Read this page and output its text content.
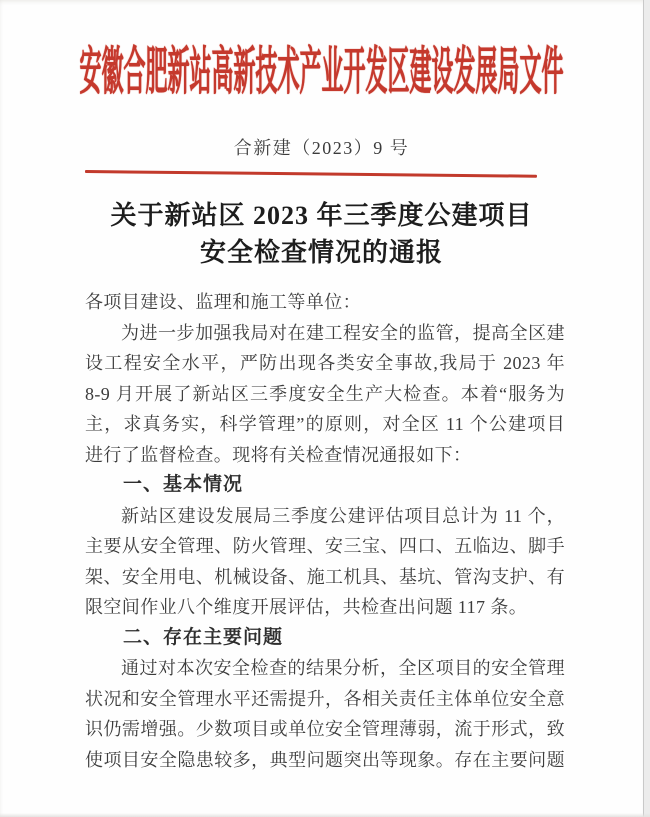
安徽合肥新站高新技术产业开发区建设发展局文件
合新建（2023）9 号
关于新站区 2023 年三季度公建项目
安全检查情况的通报
各项目建设、监理和施工等单位：
为进一步加强我局对在建工程安全的监管，提高全区建
设工程安全水平，严防出现各类安全事故,我局于 2023 年
8-9 月开展了新站区三季度安全生产大检查。本着“服务为
主，求真务实，科学管理”的原则，对全区 11 个公建项目
进行了监督检查。现将有关检查情况通报如下：
一、基本情况
新站区建设发展局三季度公建评估项目总计为 11 个，
主要从安全管理、防火管理、安三宝、四口、五临边、脚手
架、安全用电、机械设备、施工机具、基坑、管沟支护、有
限空间作业八个维度开展评估，共检查出问题 117 条。
二、存在主要问题
通过对本次安全检查的结果分析，全区项目的安全管理
状况和安全管理水平还需提升，各相关责任主体单位安全意
识仍需增强。少数项目或单位安全管理薄弱，流于形式，致
使项目安全隐患较多，典型问题突出等现象。存在主要问题
